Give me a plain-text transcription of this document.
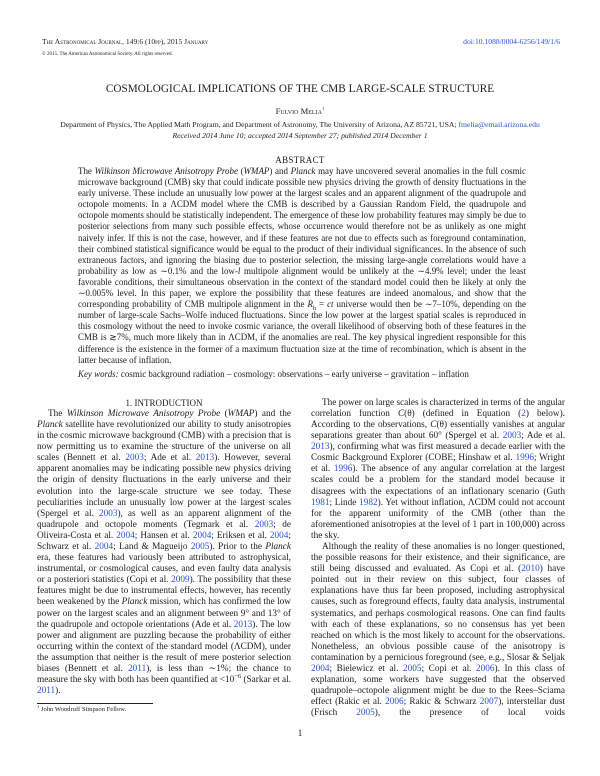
The Astronomical Journal, 149:6 (10pp), 2015 January	doi:10.1088/0004-6256/149/1/6
© 2015. The American Astronomical Society. All rights reserved.
COSMOLOGICAL IMPLICATIONS OF THE CMB LARGE-SCALE STRUCTURE
Fulvio Melia$^1$
Department of Physics, The Applied Math Program, and Department of Astronomy, The University of Arizona, AZ 85721, USA; fmelia@email.arizona.edu
Received 2014 June 10; accepted 2014 September 27; published 2014 December 1
ABSTRACT
The Wilkinson Microwave Anisotropy Probe (WMAP) and Planck may have uncovered several anomalies in the full cosmic microwave background (CMB) sky that could indicate possible new physics driving the growth of density fluctuations in the early universe. These include an unusually low power at the largest scales and an apparent alignment of the quadrupole and octopole moments. In a ΛCDM model where the CMB is described by a Gaussian Random Field, the quadrupole and octopole moments should be statistically independent. The emergence of these low probability features may simply be due to posterior selections from many such possible effects, whose occurrence would therefore not be as unlikely as one might naively infer. If this is not the case, however, and if these features are not due to effects such as foreground contamination, their combined statistical significance would be equal to the product of their individual significances. In the absence of such extraneous factors, and ignoring the biasing due to posterior selection, the missing large-angle correlations would have a probability as low as ∼0.1% and the low-l multipole alignment would be unlikely at the ∼4.9% level; under the least favorable conditions, their simultaneous observation in the context of the standard model could then be likely at only the ∼0.005% level. In this paper, we explore the possibility that these features are indeed anomalous, and show that the corresponding probability of CMB multipole alignment in the $R_h$ = ct universe would then be ∼7–10%, depending on the number of large-scale Sachs–Wolfe induced fluctuations. Since the low power at the largest spatial scales is reproduced in this cosmology without the need to invoke cosmic variance, the overall likelihood of observing both of these features in the CMB is ≳7%, much more likely than in ΛCDM, if the anomalies are real. The key physical ingredient responsible for this difference is the existence in the former of a maximum fluctuation size at the time of recombination, which is absent in the latter because of inflation.
Key words: cosmic background radiation – cosmology: observations – early universe – gravitation – inflation
1. INTRODUCTION

The Wilkinson Microwave Anisotropy Probe (WMAP) and the Planck satellite have revolutionized our ability to study anisotropies in the cosmic microwave background (CMB) with a precision that is now permitting us to examine the structure of the universe on all scales (Bennett et al. 2003; Ade et al. 2013). However, several apparent anomalies may be indicating possible new physics driving the origin of density fluctuations in the early universe and their evolution into the large-scale structure we see today. These peculiarities include an unusually low power at the largest scales (Spergel et al. 2003), as well as an apparent alignment of the quadrupole and octopole moments (Tegmark et al. 2003; de Oliveira-Costa et al. 2004; Hansen et al. 2004; Eriksen et al. 2004; Schwarz et al. 2004; Land & Magueijo 2005). Prior to the Planck era, these features had variously been attributed to astrophysical, instrumental, or cosmological causes, and even faulty data analysis or a posteriori statistics (Copi et al. 2009). The possibility that these features might be due to instrumental effects, however, has recently been weakened by the Planck mission, which has confirmed the low power on the largest scales and an alignment between 9° and 13° of the quadrupole and octopole orientations (Ade et al. 2013). The low power and alignment are puzzling because the probability of either occurring within the context of the standard model (ΛCDM), under the assumption that neither is the result of mere posterior selection biases (Bennett et al. 2011), is less than ∼1%; the chance to measure the sky with both has been quantified at $<10^{-6}$ (Sarkar et al. 2011).

$^1$ John Woodruff Simpson Fellow.

The power on large scales is characterized in terms of the angular correlation function C(θ) (defined in Equation (2) below). According to the observations, C(θ) essentially vanishes at angular separations greater than about 60° (Spergel et al. 2003; Ade et al. 2013), confirming what was first measured a decade earlier with the Cosmic Background Explorer (COBE; Hinshaw et al. 1996; Wright et al. 1996). The absence of any angular correlation at the largest scales could be a problem for the standard model because it disagrees with the expectations of an inflationary scenario (Guth 1981; Linde 1982). Yet without inflation, ΛCDM could not account for the apparent uniformity of the CMB (other than the aforementioned anisotropies at the level of 1 part in 100,000) across the sky.

Although the reality of these anomalies is no longer questioned, the possible reasons for their existence, and their significance, are still being discussed and evaluated. As Copi et al. (2010) have pointed out in their review on this subject, four classes of explanations have thus far been proposed, including astrophysical causes, such as foreground effects, faulty data analysis, instrumental systematics, and perhaps cosmological reasons. One can find faults with each of these explanations, so no consensus has yet been reached on which is the most likely to account for the observations. Nonetheless, an obvious possible cause of the anisotropy is contamination by a pernicious foreground (see, e.g., Slosar & Seljak 2004; Bielewicz et al. 2005; Copi et al. 2006). In this class of explanation, some workers have suggested that the observed quadrupole–octopole alignment might be due to the Rees–Sciama effect (Rakic et al. 2006; Rakic & Schwarz 2007), interstellar dust (Frisch 2005), the presence of local voids

1
